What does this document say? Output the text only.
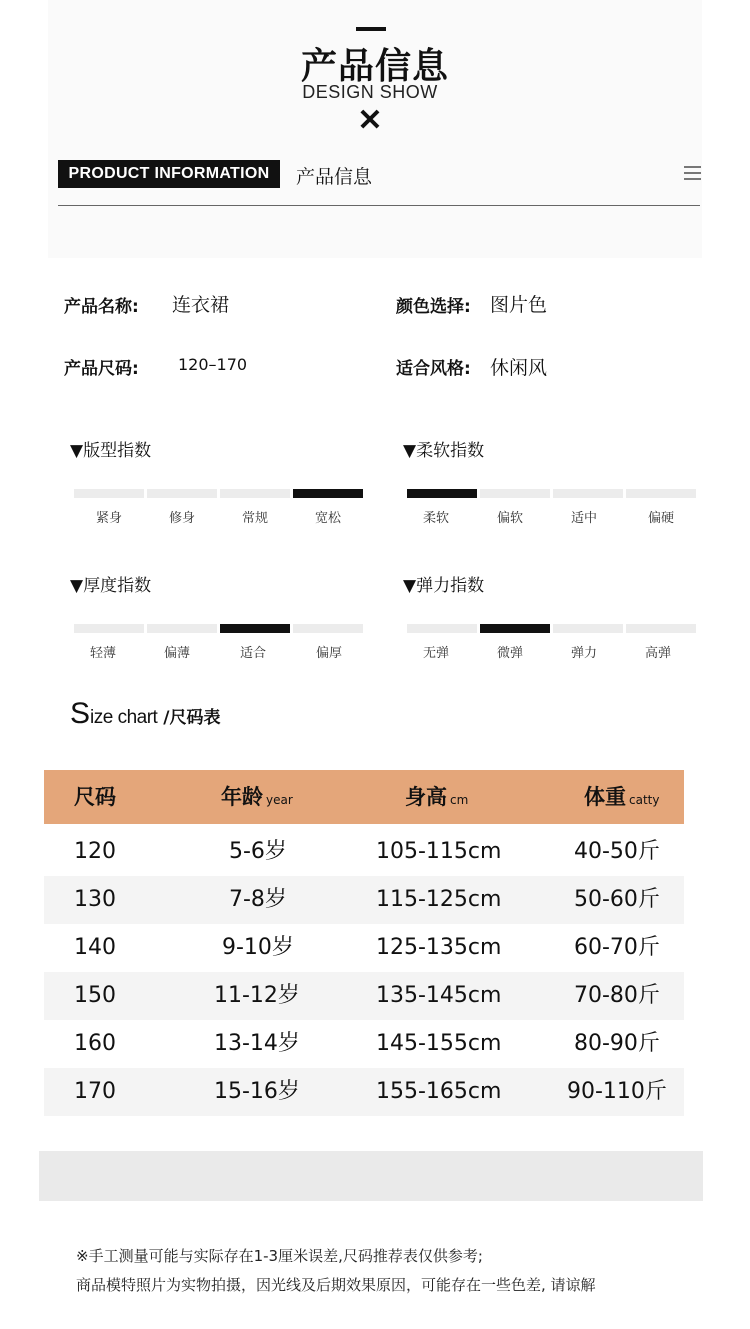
产品信息
DESIGN SHOW
✕
PRODUCT INFORMATION	产品信息
产品名称: 连衣裙	颜色选择: 图片色
产品尺码: 120–170	适合风格: 休闲风
▼版型指数
紧身	修身	常规	宽松
▼柔软指数
柔软	偏软	适中	偏硬
▼厚度指数
轻薄	偏薄	适合	偏厚
▼弹力指数
无弹	微弹	弹力	高弹
Size chart /尺码表
尺码	年龄 year	身高 cm	体重 catty
120	5-6岁	105-115cm	40-50斤
130	7-8岁	115-125cm	50-60斤
140	9-10岁	125-135cm	60-70斤
150	11-12岁	135-145cm	70-80斤
160	13-14岁	145-155cm	80-90斤
170	15-16岁	155-165cm	90-110斤
※手工测量可能与实际存在1-3厘米误差,尺码推荐表仅供参考;
商品模特照片为实物拍摄，因光线及后期效果原因，可能存在一些色差, 请谅解
